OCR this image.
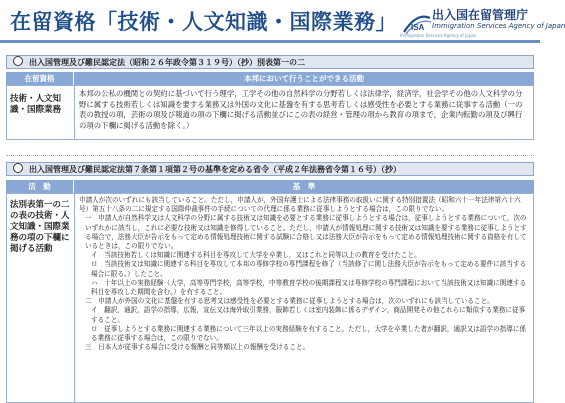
在留資格「技術・人文知識・国際業務」 ISA
Immigration Services Agency of Japan
出入国在留管理庁
Immigration Services Agency of Japan
出入国管理及び難民認定法（昭和２６年政令第３１９号）（抄）別表第一の二
在留資格	本邦において行うことができる活動
技術・人文知識・国際業務
本邦の公私の機関との契約に基づいて行う理学，工学その他の自然科学の分野若しくは法律学，経済学，社会学その他の人文科学の分野に属する技術若しくは知識を要する業務又は外国の文化に基盤を有する思考若しくは感受性を必要とする業務に従事する活動（一の表の教授の項，芸術の項及び報道の項の下欄に掲げる活動並びにこの表の経営・管理の項から教育の項まで，企業内転勤の項及び興行の項の下欄に掲げる活動を除く。）
出入国管理及び難民認定法第７条第１項第２号の基準を定める省令（平成２年法務省令第１６号）（抄）
活　動	基　準
法別表第一の二の表の技術・人文知識・国際業務の項の下欄に掲げる活動

申請人が次のいずれにも該当していること。ただし，申請人が，外国弁護士による法律事務の取扱いに関する特別措置法（昭和六十一年法律第六十六号）第五十八条の二に規定する国際仲裁事件の手続についての代理に係る業務に従事しようとする場合は，この限りでない。

一　申請人が自然科学又は人文科学の分野に属する技術又は知識を必要とする業務に従事しようとする場合は，従事しようとする業務について，次のいずれかに該当し，これに必要な技術又は知識を修得していること。ただし，申請人が情報処理に関する技術又は知識を要する業務に従事しようとする場合で，法務大臣が告示をもって定める情報処理技術に関する試験に合格し又は法務大臣が告示をもって定める情報処理技術に関する資格を有しているときは，この限りでない。

イ　当該技術若しくは知識に関連する科目を専攻して大学を卒業し，又はこれと同等以上の教育を受けたこと。

ロ　当該技術又は知識に関連する科目を専攻して本邦の専修学校の専門課程を修了（当該修了に関し法務大臣が告示をもって定める要件に該当する場合に限る。）したこと。

ハ　十年以上の実務経験（大学，高等専門学校，高等学校，中等教育学校の後期課程又は専修学校の専門課程において当該技術又は知識に関連する科目を専攻した期間を含む。）を有すること。

二　申請人が外国の文化に基盤を有する思考又は感受性を必要とする業務に従事しようとする場合は，次のいずれにも該当していること。

イ　翻訳，通訳，語学の指導，広報，宣伝又は海外取引業務，服飾若しくは室内装飾に係るデザイン，商品開発その他これらに類似する業務に従事すること。

ロ　従事しようとする業務に関連する業務について三年以上の実務経験を有すること。ただし，大学を卒業した者が翻訳，通訳又は語学の指導に係る業務に従事する場合は，この限りでない。

三　日本人が従事する場合に受ける報酬と同等額以上の報酬を受けること。
